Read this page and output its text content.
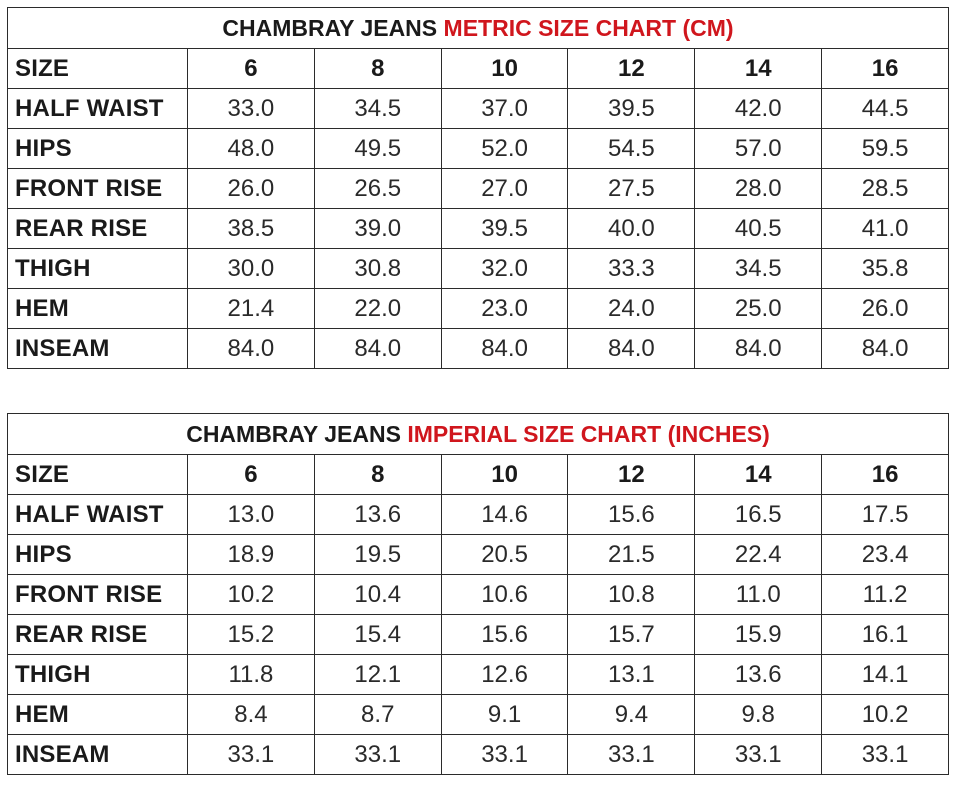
CHAMBRAY JEANS METRIC SIZE CHART (CM)						
SIZE	6	8	10	12	14	16
HALF WAIST	33.0	34.5	37.0	39.5	42.0	44.5
HIPS	48.0	49.5	52.0	54.5	57.0	59.5
FRONT RISE	26.0	26.5	27.0	27.5	28.0	28.5
REAR RISE	38.5	39.0	39.5	40.0	40.5	41.0
THIGH	30.0	30.8	32.0	33.3	34.5	35.8
HEM	21.4	22.0	23.0	24.0	25.0	26.0
INSEAM	84.0	84.0	84.0	84.0	84.0	84.0
CHAMBRAY JEANS IMPERIAL SIZE CHART (INCHES)						
SIZE	6	8	10	12	14	16
HALF WAIST	13.0	13.6	14.6	15.6	16.5	17.5
HIPS	18.9	19.5	20.5	21.5	22.4	23.4
FRONT RISE	10.2	10.4	10.6	10.8	11.0	11.2
REAR RISE	15.2	15.4	15.6	15.7	15.9	16.1
THIGH	11.8	12.1	12.6	13.1	13.6	14.1
HEM	8.4	8.7	9.1	9.4	9.8	10.2
INSEAM	33.1	33.1	33.1	33.1	33.1	33.1
